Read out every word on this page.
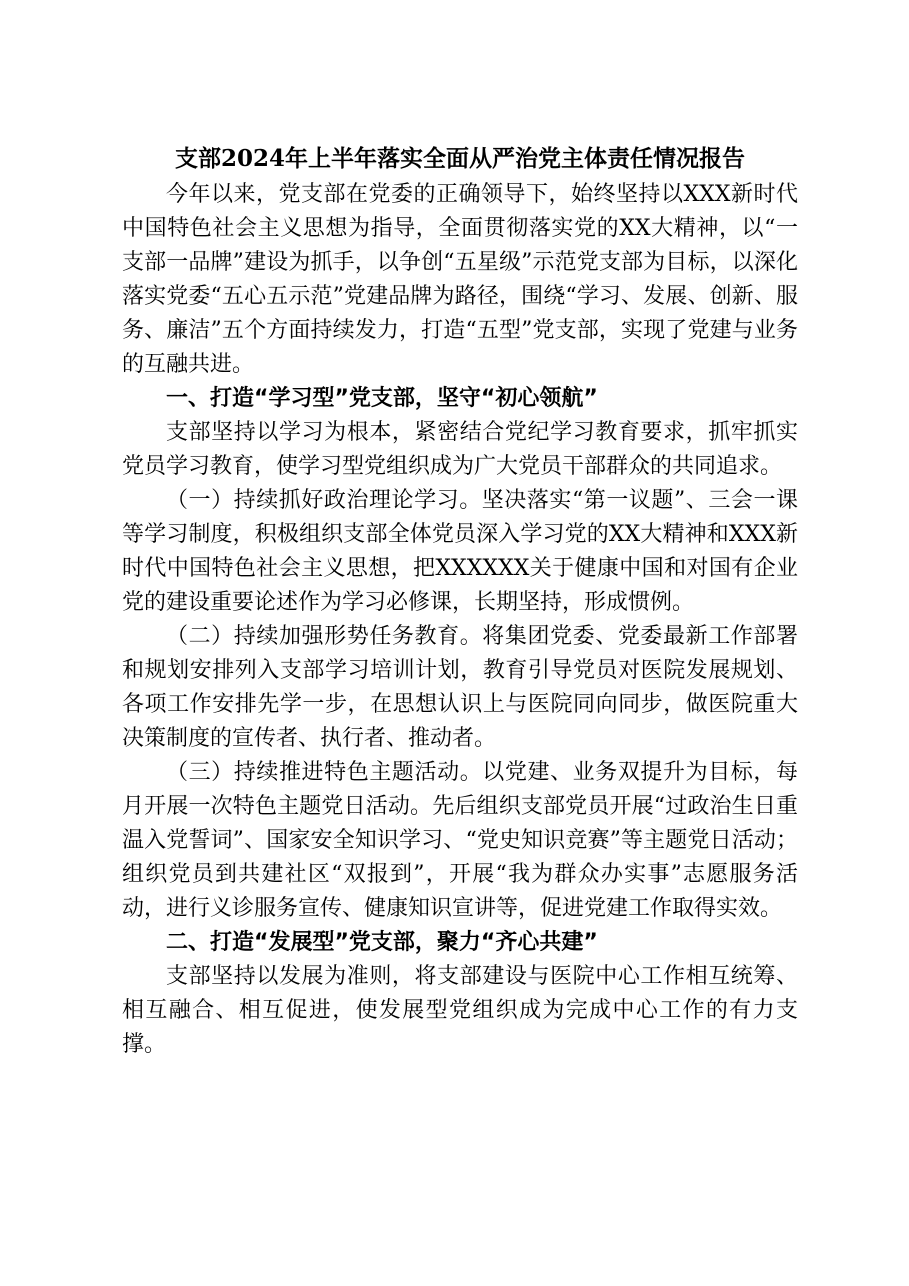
支部2024年上半年落实全面从严治党主体责任情况报告

今年以来，党支部在党委的正确领导下，始终坚持以XXX新时代中国特色社会主义思想为指导，全面贯彻落实党的XX大精神，以“一支部一品牌”建设为抓手，以争创“五星级”示范党支部为目标，以深化落实党委“五心五示范”党建品牌为路径，围绕“学习、发展、创新、服务、廉洁”五个方面持续发力，打造“五型”党支部，实现了党建与业务的互融共进。

一、打造“学习型”党支部，坚守“初心领航”

支部坚持以学习为根本，紧密结合党纪学习教育要求，抓牢抓实党员学习教育，使学习型党组织成为广大党员干部群众的共同追求。

（一）持续抓好政治理论学习。坚决落实“第一议题”、三会一课等学习制度，积极组织支部全体党员深入学习党的XX大精神和XXX新时代中国特色社会主义思想，把XXXXXX关于健康中国和对国有企业党的建设重要论述作为学习必修课，长期坚持，形成惯例。

（二）持续加强形势任务教育。将集团党委、党委最新工作部署和规划安排列入支部学习培训计划，教育引导党员对医院发展规划、各项工作安排先学一步，在思想认识上与医院同向同步，做医院重大决策制度的宣传者、执行者、推动者。

（三）持续推进特色主题活动。以党建、业务双提升为目标，每月开展一次特色主题党日活动。先后组织支部党员开展“过政治生日重温入党誓词”、国家安全知识学习、“党史知识竞赛”等主题党日活动；组织党员到共建社区“双报到”，开展“我为群众办实事”志愿服务活动，进行义诊服务宣传、健康知识宣讲等，促进党建工作取得实效。

二、打造“发展型”党支部，聚力“齐心共建”

支部坚持以发展为准则，将支部建设与医院中心工作相互统筹、相互融合、相互促进，使发展型党组织成为完成中心工作的有力支撑。
